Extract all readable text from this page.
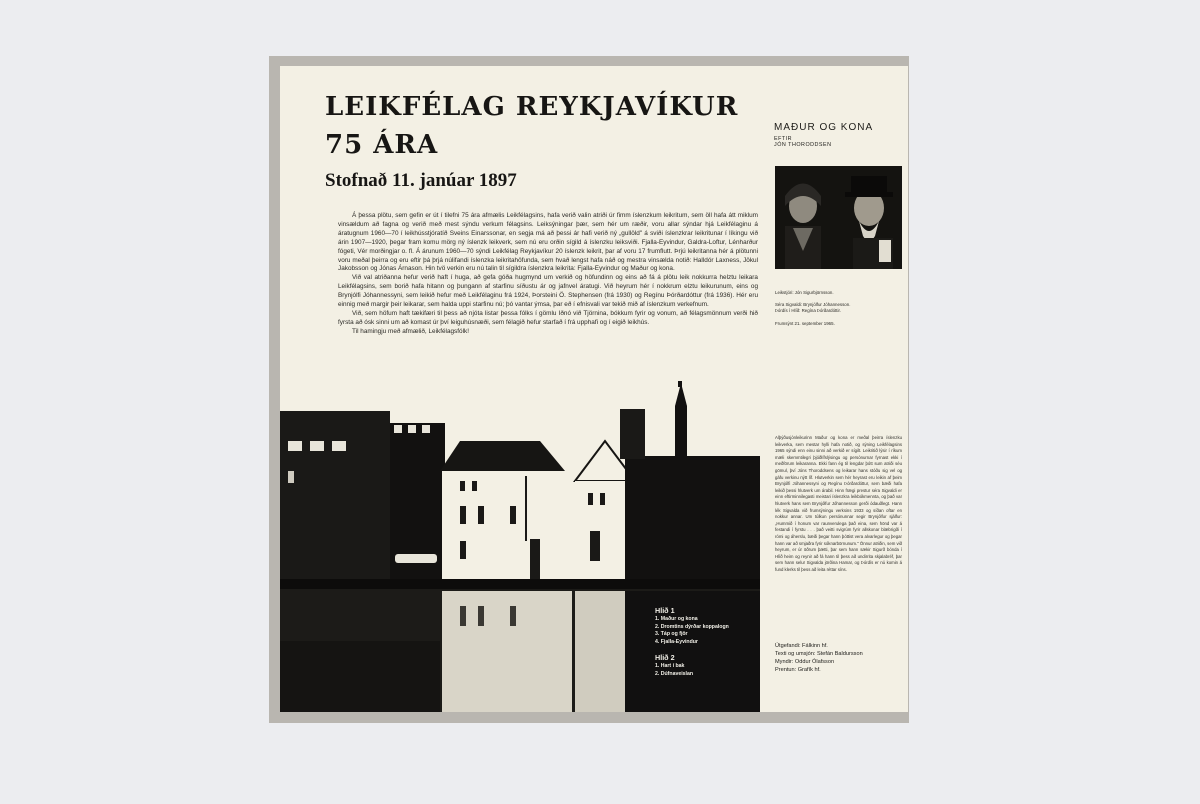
LEIKFÉLAG REYKJAVÍKUR
75 ÁRA
Stofnað 11. janúar 1897

Á þessa plötu, sem gefin er út í tilefni 75 ára afmælis Leikfélagsins, hafa verið valin atriði úr fimm íslenzkum leikritum, sem öll hafa átt miklum vinsældum að fagna og verið með mest sýndu verkum félagsins. Leiksýningar þær, sem hér um ræðir, voru allar sýndar hjá Leikfélaginu á áratugnum 1960—70 í leikhússtjóratíð Sveins Einarssonar, en segja má að þessi ár hafi verið ný „gullöld" á sviði íslenzkrar leikritunar í líkingu við árin 1907—1920, þegar fram komu mörg ný íslenzk leikverk, sem nú eru orðin sígild á íslenzku leiksviði. Fjalla-Eyvindur, Galdra-Loftur, Lénharður fógeti, Vér morðingjar o. fl. Á árunum 1960—70 sýndi Leikfélag Reykjavíkur 20 íslenzk leikrit, þar af voru 17 frumflutt. Þrjú leikritanna hér á plötunni voru meðal þeirra og eru eftir þá þrjá núlifandi íslenzka leikritahöfunda, sem hvað lengst hafa náð og mestra vinsælda notið: Halldór Laxness, Jökul Jakobsson og Jónas Árnason. Hin tvö verkin eru nú talin til sígildra íslenzkra leikrita: Fjalla-Eyvindur og Maður og kona.

Við val atriðanna hefur verið haft í huga, að gefa góða hugmynd um verkið og höfundinn og eins að fá á plötu leik nokkurra helztu leikara Leikfélagsins, sem borið hafa hitann og þungann af starfinu síðustu ár og jafnvel áratugi. Við heyrum hér í nokkrum elztu leikurunum, eins og Brynjólfi Jóhannessyni, sem leikið hefur með Leikfélaginu frá 1924, Þorsteini Ö. Stephensen (frá 1930) og Regínu Þórðardóttur (frá 1936). Hér eru einnig með margir þeir leikarar, sem halda uppi starfinu nú; þó vantar ýmsa, þar eð í efnisvali var tekið mið af íslenzkum verkefnum.

Við, sem höfum haft tækifæri til þess að njóta listar þessa fólks í gömlu Iðnó við Tjörnina, bókkum fyrir og vonum, að félagsmönnum verði hið fyrsta að ósk sinni um að komast úr því leiguhúsnæði, sem félagið hefur starfað í frá upphafi og í eigið leikhús.

Til hamingju með afmælið, Leikfélagsfólk!
Hlið 1
1. Maður og kona
2. Dromtins dýrðar koppalogn
3. Táp og fjör
4. Fjalla-Eyvindur
Hlið 2
1. Hart í bak
2. Dúfnaveislan
MAÐUR OG KONA
EFTIR
JÓN THORODDSEN
Leikstjóri: Jón Sigurbjörnsson.
Séra Sigvaldi: Brynjólfur Jóhannesson.
Þórdís í Hlíð: Regína Þórðardóttir.
Frumsýnt 21. september 1965.
Alþýðusjónleikurinn Maður og kona er meðal þeirra íslenzku leikverka, sem mestar hylli hafa notið, og sýning Leikfélagsins 1965 sýndi enn einu sinni að verkið er sígilt. Leikritið lýsir í ríkum mæli skemmtilegri þjóðlífslýsingu og persónurnar fyrnast ekki í meðförum leikaranna. Ekki fann ég til lengdar þótt sum atriði séu gömul, því Jóns Thoroddsens og leikarar hans stóðu sig vel og gáfu verkinu nýtt líf. Hlutverkin sem hér heyrast eru leikin af þeim Brynjólfi Jóhannessyni og Regínu Þórðardóttur, sem bæði hafa leikið þessi hlutverk um árabil. Hinn frægi prestur séra Sigvaldi er einn eftirminnilegasti meistari íslenzkra leikbókmennta, og það var hlutverk hans sem Brynjólfur Jóhannesson gerði ódauðlegt. Hann lék Sigvalda við frumsýningu verksins 1933 og síðan oftar en nokkur annar. Um túlkun persónunnar segir Brynjólfur sjálfur: „Hummið í honum var raunverulega það eina, sem hönd var á festandi í fyrstu . . . það veitti svigrúm fyrir allskonar blæbrigði í rómi og áherslu, bæði þegar hann þóttist vera alvarlegur og þegar hann var að smjaðra fyrir sóknarbörnunum." Önnur atriðin, sem við heyrum, er úr öðrum þætti, þar sem hann sækir Sigurð bónda í Hlíð heim og reynir að fá hann til þess að undirrita skjalabréf, þar sem hann selur Sigvalda jörðina Hamar, og Þórdís er nú komin á fund klerks til þess að leita réttar síns.
Útgefandi: Fálkinn hf.
Texti og umsjón: Stefán Baldursson
Myndir: Oddur Ólafsson
Prentun: Grafík hf.
